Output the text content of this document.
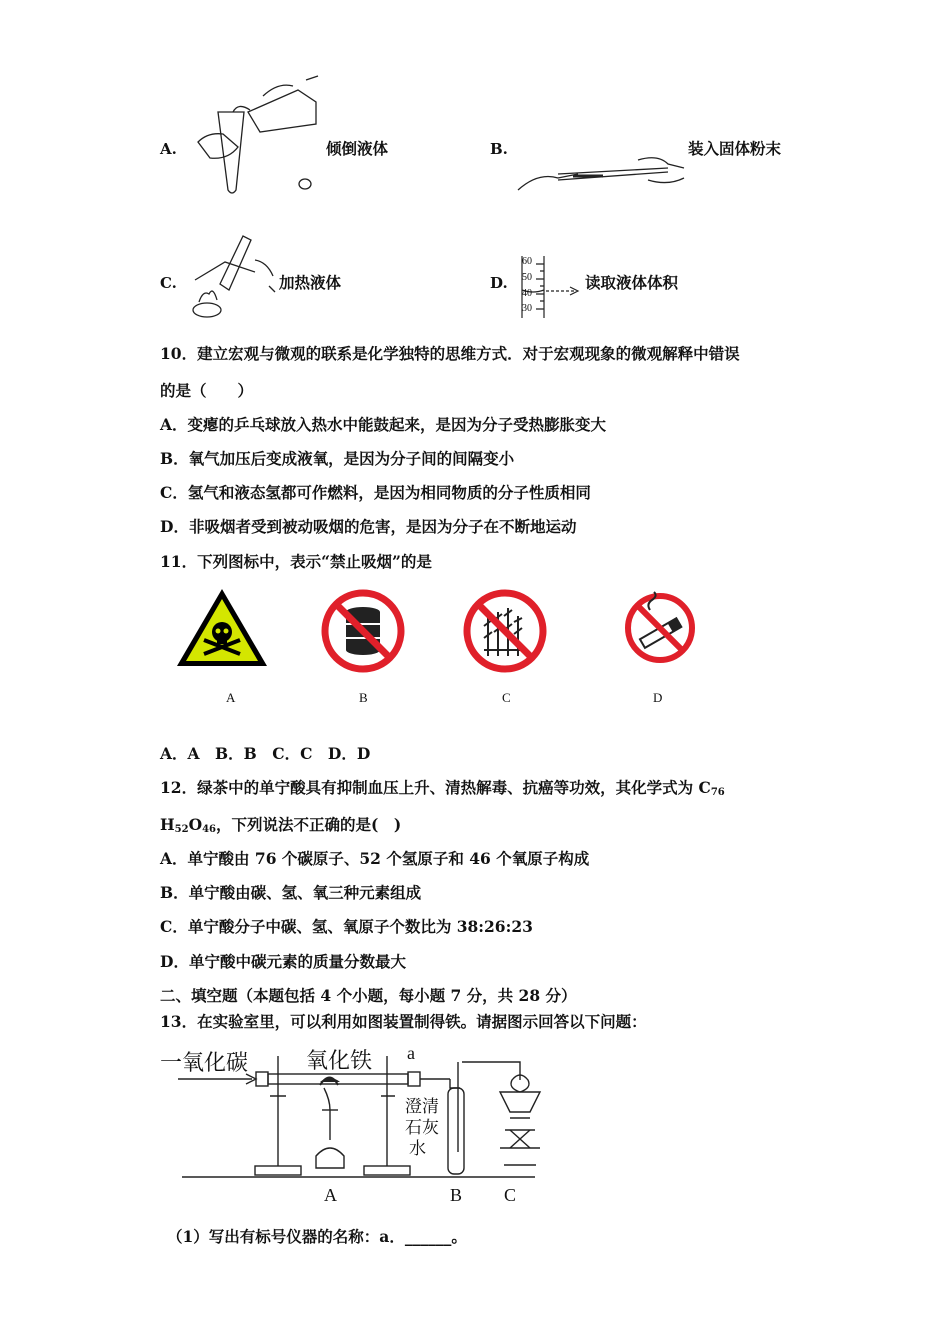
A.	倾倒液体	B.	装入固体粉末
C.	加热液体	D.
60
50
40
30
读取液体体积
10．建立宏观与微观的联系是化学独特的思维方式．对于宏观现象的微观解释中错误
的是（　　）
A．变瘪的乒乓球放入热水中能鼓起来，是因为分子受热膨胀变大
B．氧气加压后变成液氧，是因为分子间的间隔变小
C．氢气和液态氢都可作燃料，是因为相同物质的分子性质相同
D．非吸烟者受到被动吸烟的危害，是因为分子在不断地运动
11．下列图标中，表示“禁止吸烟”的是
A	B	C	D
A．A　B．B　C．C　D．D
12．绿茶中的单宁酸具有抑制血压上升、清热解毒、抗癌等功效，其化学式为 $C_{76}$
$H_{52}O_{46}$，下列说法不正确的是(　)
A．单宁酸由 76 个碳原子、52 个氢原子和 46 个氧原子构成
B．单宁酸由碳、氢、氧三种元素组成
C．单宁酸分子中碳、氢、氧原子个数比为 38:26:23
D．单宁酸中碳元素的质量分数最大
二、填空题（本题包括 4 个小题，每小题 7 分，共 28 分）
13．在实验室里，可以利用如图装置制得铁。请据图示回答以下问题：
一氧化碳	氧化铁 a
澄清
石灰
水
A	B C
（1）写出有标号仪器的名称：a．______。
